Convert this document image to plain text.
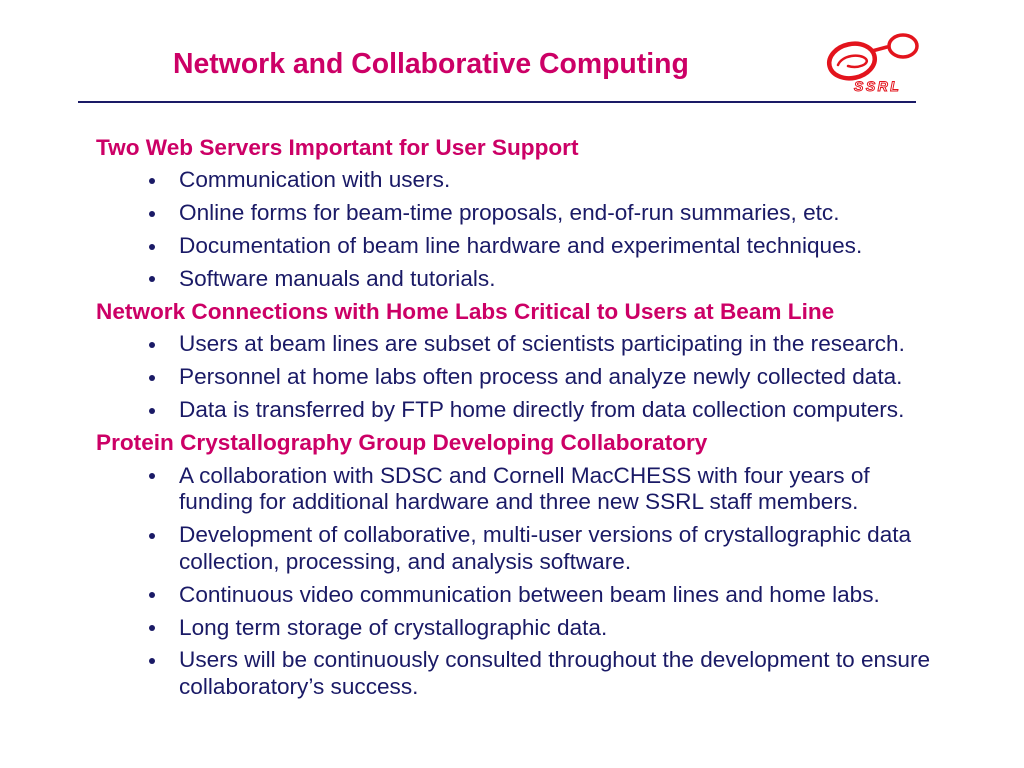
Network and Collaborative Computing
SSRL
Two Web Servers Important for User Support
Communication with users.
Online forms for beam-time proposals, end-of-run summaries, etc.
Documentation of beam line hardware and experimental techniques.
Software manuals and tutorials.
Network Connections with Home Labs Critical to Users at Beam Line
Users at beam lines are subset of scientists participating in the research.
Personnel at home labs often process and analyze newly collected data.
Data is transferred by FTP home directly from data collection computers.
Protein Crystallography Group Developing Collaboratory
A collaboration with SDSC and Cornell MacCHESS with four years of
funding for additional hardware and three new SSRL staff members.
Development of collaborative, multi-user versions of crystallographic data
collection, processing, and analysis software.
Continuous video communication between beam lines and home labs.
Long term storage of crystallographic data.
Users will be continuously consulted throughout the development to ensure
collaboratory’s success.
